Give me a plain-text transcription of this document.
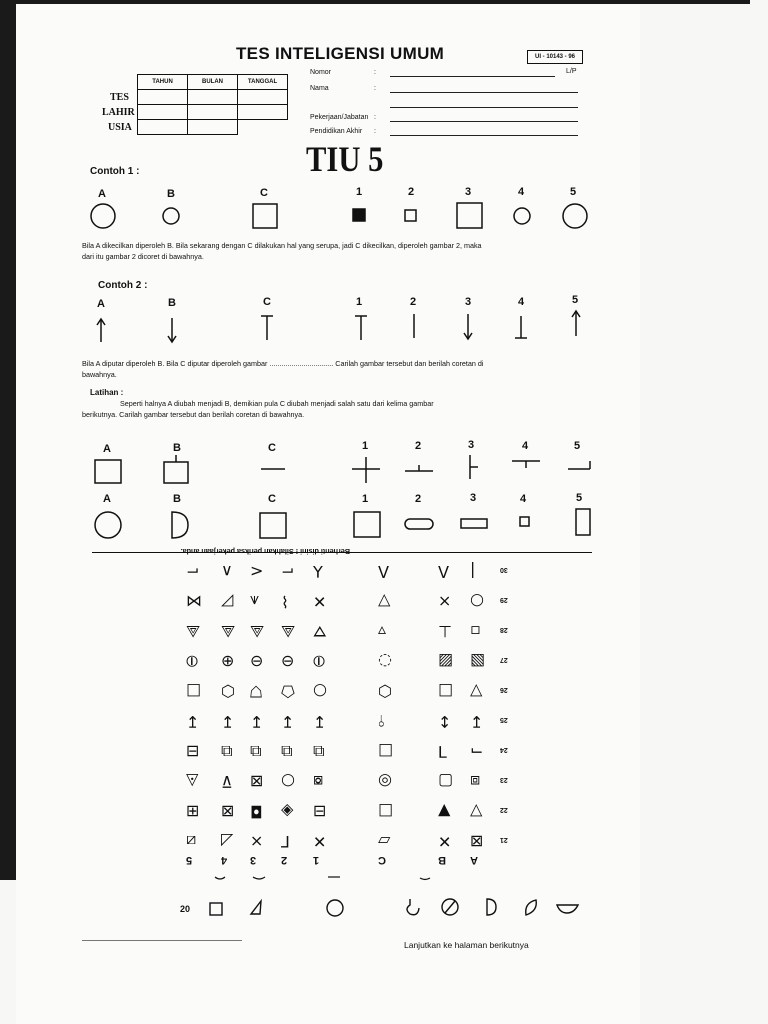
TES INTELIGENSI UMUM	UI - 10143 - 96
TAHUN	BULAN	TANGGAL

TES
LAHIR
USIA
Nomor	:	L/P
Nama	:
Pekerjaan/Jabatan :
Pendidikan Akhir :
TIU 5
Contoh 1 :
A	B	C	1	2	3	4	5
Bila A dikecilkan diperoleh B. Bila sekarang dengan C dilakukan hal yang serupa, jadi C dikecilkan, diperoleh gambar 2, maka dari itu gambar 2 dicoret di bawahnya.
Contoh 2 :
A	B	C	1	2	3	4	5
Bila A diputar diperoleh B. Bila C diputar diperoleh gambar ................................ Carilah gambar tersebut dan berilah coretan di bawahnya.
Latihan :
Seperti halnya A diubah menjadi B, demikian pula C diubah menjadi salah satu dari kelima gambar berikutnya. Carilah gambar tersebut dan berilah coretan di bawahnya.
A	B	C	1	2	3	4	5
A	B	C	1	2	3	4	5
Berhenti disini ! Silahkan periksa pekerjaan anda.
⌐ ∧ < ⌐ ⅄	ᐱ	ᐱ |	30
⋈ ◸ ⩚ ⌇ ✕	▽	⨯ ○ 29
⟁ ⟁ ⟁ ⟁ ⛛	▿	⊥ ▫	28
⦶ ⊕ ⊖ ⊖ ⦶	◌	▨ ▧ 27
□ ⬡ ⛉ ⬠ ○	⬡	□ ▽	26
↧ ↧ ↧ ↧ ↧	⫯	↕ ↧ 25
⊟ ⧉ ⧉ ⧉ ⧉	□	⅂ ¬ 24
◬ ⊽ ⊠ ○ ⧇	◎	▢ ⧈	23
⊞ ⊠ ◘ ◈ ⊟	□	▼ ▽	22
⧄ ◿ ⨯ Γ ✕	▱	✕ ⊠ 21
5	4 3 2 1	C	B A
20
Lanjutkan ke halaman berikutnya
